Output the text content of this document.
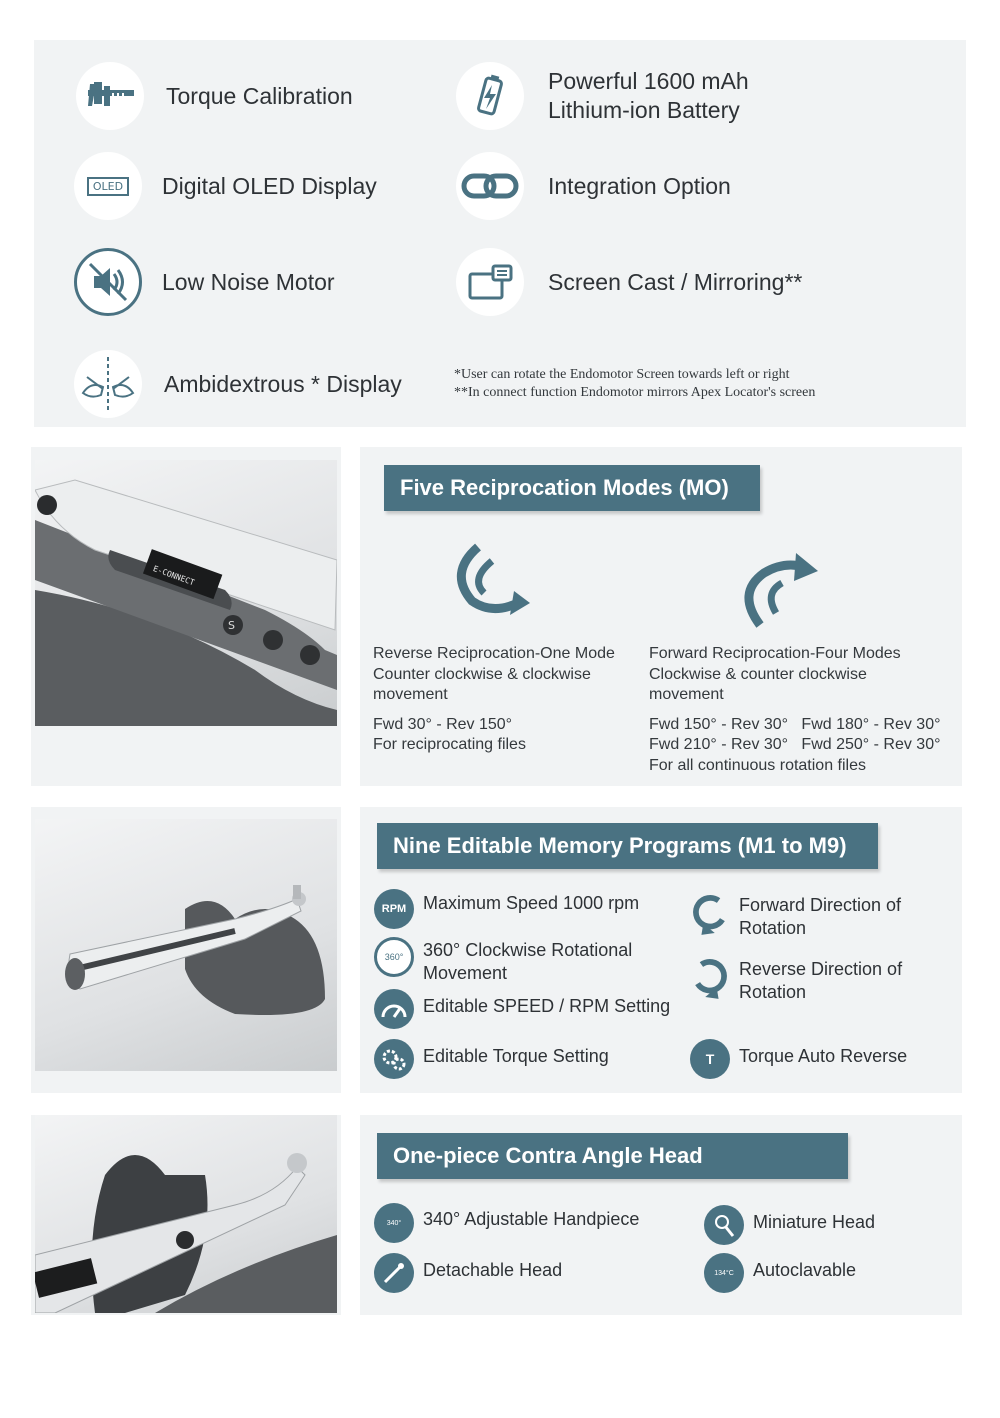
Torque Calibration
Powerful 1600 mAh
Lithium-ion Battery
OLED Digital OLED Display	Integration Option
Low Noise Motor	Screen Cast / Mirroring**
Ambidextrous * Display	*User can rotate the Endomotor Screen towards left or right
**In connect function Endomotor mirrors Apex Locator's screen
E-CONNECT
S
Five Reciprocation Modes (MO)
Reverse Reciprocation-One Mode
Counter clockwise & clockwise
movement
Fwd 30° - Rev 150°
For reciprocating files
Forward Reciprocation-Four Modes
Clockwise & counter clockwise
movement
Fwd 150° - Rev 30°   Fwd 180° - Rev 30°
Fwd 210° - Rev 30°   Fwd 250° - Rev 30°
For all continuous rotation files
Nine Editable Memory Programs (M1 to M9)
RPM Maximum Speed 1000 rpm
360°	360° Clockwise Rotational
Movement
Editable SPEED / RPM Setting
Editable Torque Setting
Forward Direction of
Rotation
Reverse Direction of
Rotation
T	Torque Auto Reverse
One-piece Contra Angle Head
340°	340° Adjustable Handpiece
Detachable Head
Miniature Head
134°C	Autoclavable
